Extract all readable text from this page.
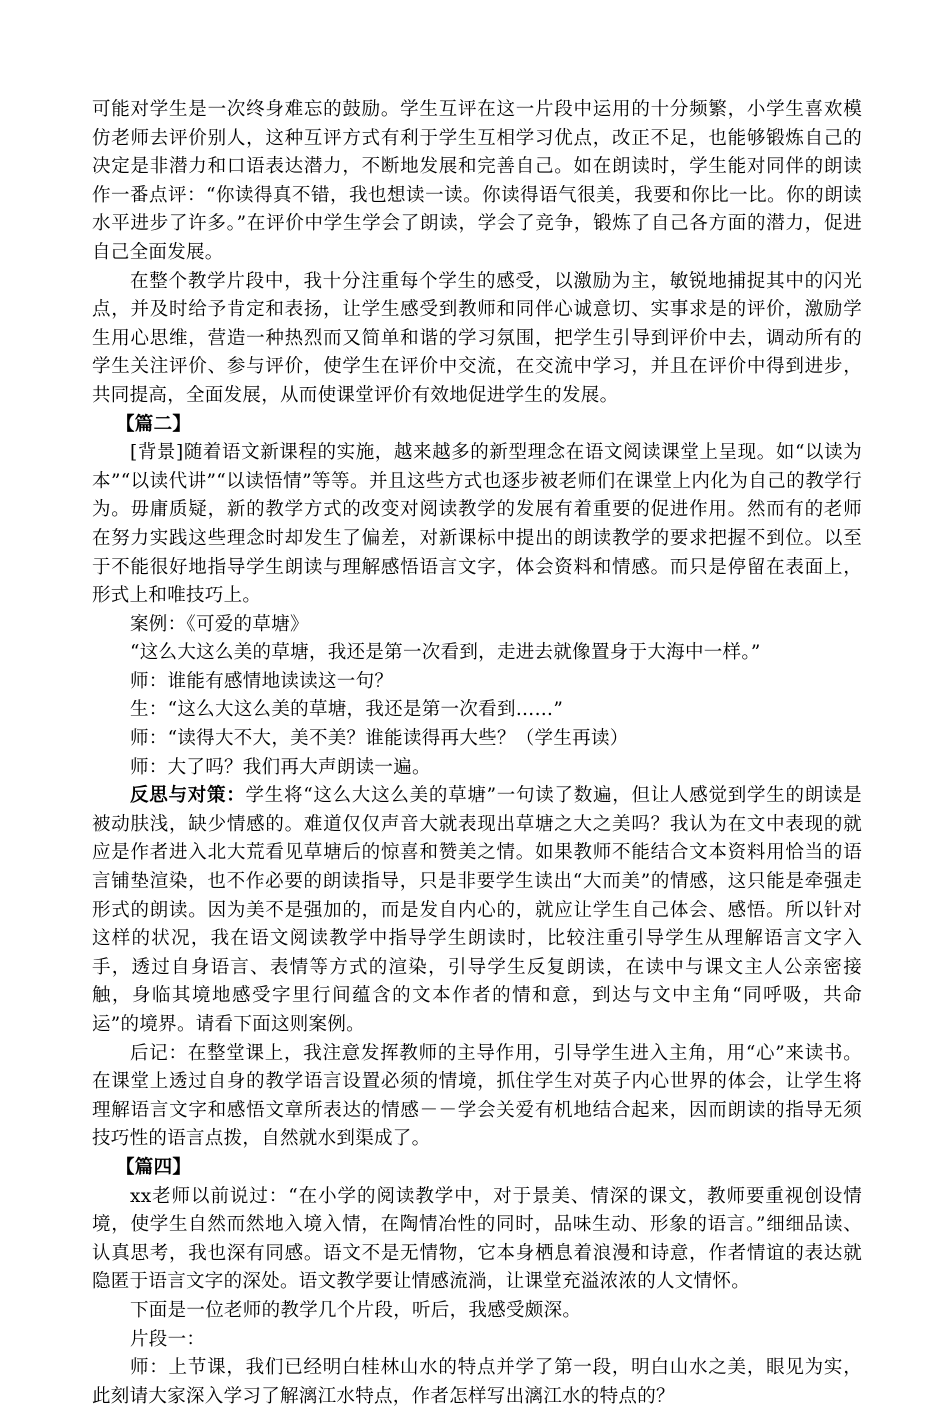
可能对学生是一次终身难忘的鼓励。学生互评在这一片段中运用的十分频繁，小学生喜欢模仿老师去评价别人，这种互评方式有利于学生互相学习优点，改正不足，也能够锻炼自己的决定是非潜力和口语表达潜力，不断地发展和完善自己。如在朗读时，学生能对同伴的朗读作一番点评：“你读得真不错，我也想读一读。你读得语气很美，我要和你比一比。你的朗读水平进步了许多。”在评价中学生学会了朗读，学会了竞争，锻炼了自己各方面的潜力，促进自己全面发展。

在整个教学片段中，我十分注重每个学生的感受，以激励为主，敏锐地捕捉其中的闪光点，并及时给予肯定和表扬，让学生感受到教师和同伴心诚意切、实事求是的评价，激励学生用心思维，营造一种热烈而又简单和谐的学习氛围，把学生引导到评价中去，调动所有的学生关注评价、参与评价，使学生在评价中交流，在交流中学习，并且在评价中得到进步，共同提高，全面发展，从而使课堂评价有效地促进学生的发展。

【篇二】

[背景]随着语文新课程的实施，越来越多的新型理念在语文阅读课堂上呈现。如“以读为本”“以读代讲”“以读悟情”等等。并且这些方式也逐步被老师们在课堂上内化为自己的教学行为。毋庸质疑，新的教学方式的改变对阅读教学的发展有着重要的促进作用。然而有的老师在努力实践这些理念时却发生了偏差，对新课标中提出的朗读教学的要求把握不到位。以至于不能很好地指导学生朗读与理解感悟语言文字，体会资料和情感。而只是停留在表面上，形式上和唯技巧上。

案例：《可爱的草塘》

“这么大这么美的草塘，我还是第一次看到，走进去就像置身于大海中一样。”

师：谁能有感情地读读这一句？

生：“这么大这么美的草塘，我还是第一次看到……”

师：“读得大不大，美不美？谁能读得再大些？（学生再读）

师：大了吗？我们再大声朗读一遍。

反思与对策：学生将“这么大这么美的草塘”一句读了数遍，但让人感觉到学生的朗读是被动肤浅，缺少情感的。难道仅仅声音大就表现出草塘之大之美吗？我认为在文中表现的就应是作者进入北大荒看见草塘后的惊喜和赞美之情。如果教师不能结合文本资料用恰当的语言铺垫渲染，也不作必要的朗读指导，只是非要学生读出“大而美”的情感，这只能是牵强走形式的朗读。因为美不是强加的，而是发自内心的，就应让学生自己体会、感悟。所以针对这样的状况，我在语文阅读教学中指导学生朗读时，比较注重引导学生从理解语言文字入手，透过自身语言、表情等方式的渲染，引导学生反复朗读，在读中与课文主人公亲密接触，身临其境地感受字里行间蕴含的文本作者的情和意，到达与文中主角“同呼吸，共命运”的境界。请看下面这则案例。

后记：在整堂课上，我注意发挥教师的主导作用，引导学生进入主角，用“心”来读书。在课堂上透过自身的教学语言设置必须的情境，抓住学生对英子内心世界的体会，让学生将理解语言文字和感悟文章所表达的情感－－学会关爱有机地结合起来，因而朗读的指导无须技巧性的语言点拨，自然就水到渠成了。

【篇四】

xx老师以前说过：“在小学的阅读教学中，对于景美、情深的课文，教师要重视创设情境，使学生自然而然地入境入情，在陶情冶性的同时，品味生动、形象的语言。”细细品读、认真思考，我也深有同感。语文不是无情物，它本身栖息着浪漫和诗意，作者情谊的表达就隐匿于语言文字的深处。语文教学要让情感流淌，让课堂充溢浓浓的人文情怀。

下面是一位老师的教学几个片段，听后，我感受颇深。

片段一：

师：上节课，我们已经明白桂林山水的特点并学了第一段，明白山水之美，眼见为实，此刻请大家深入学习了解漓江水特点，作者怎样写出漓江水的特点的？
